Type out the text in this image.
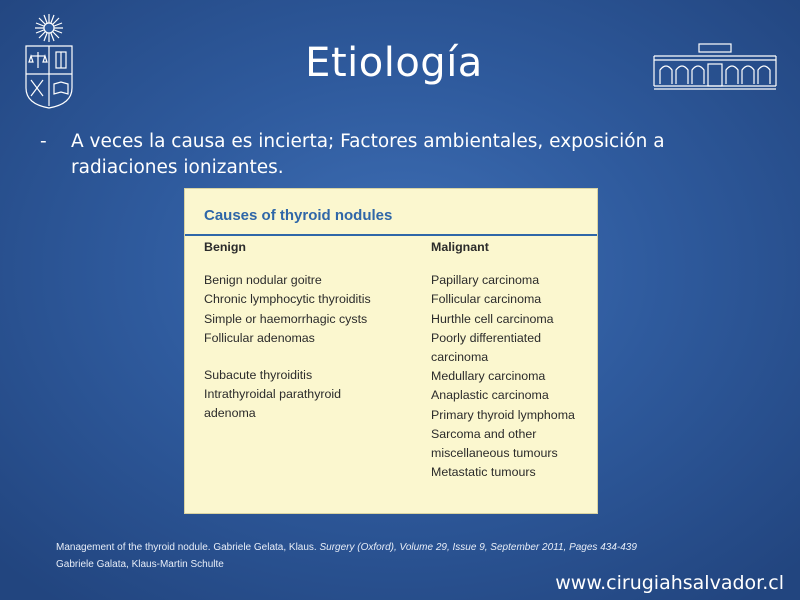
Etiología
- A veces la causa es incierta; Factores ambientales, exposición a radiaciones ionizantes.
Causes of thyroid nodules
Benign
Benign nodular goitre
Chronic lymphocytic thyroiditis
Simple or haemorrhagic cysts
Follicular adenomas
Subacute thyroiditis
Intrathyroidal parathyroid
adenoma
Malignant
Papillary carcinoma
Follicular carcinoma
Hurthle cell carcinoma
Poorly differentiated
carcinoma
Medullary carcinoma
Anaplastic carcinoma
Primary thyroid lymphoma
Sarcoma and other
miscellaneous tumours
Metastatic tumours
Management of the thyroid nodule. Gabriele Gelata, Klaus. Surgery (Oxford), Volume 29, Issue 9, September 2011, Pages 434-439
Gabriele Galata, Klaus-Martin Schulte
www.cirugiahsalvador.cl
